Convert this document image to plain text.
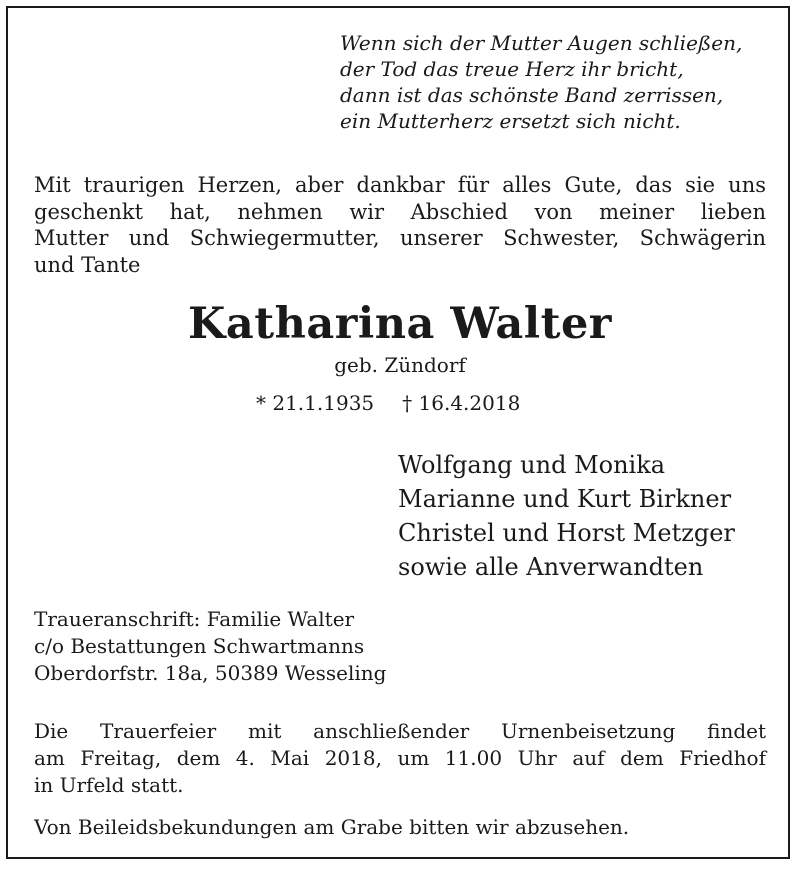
Wenn sich der Mutter Augen schließen,
der Tod das treue Herz ihr bricht,
dann ist das schönste Band zerrissen,
ein Mutterherz ersetzt sich nicht.
Mit traurigen Herzen, aber dankbar für alles Gute, das sie uns
geschenkt hat, nehmen wir Abschied von meiner lieben
Mutter und Schwiegermutter, unserer Schwester, Schwägerin
und Tante
Katharina Walter
geb. Zündorf
* 21.1.1935 † 16.4.2018
Wolfgang und Monika
Marianne und Kurt Birkner
Christel und Horst Metzger
sowie alle Anverwandten
Traueranschrift: Familie Walter
c/o Bestattungen Schwartmanns
Oberdorfstr. 18a, 50389 Wesseling
Die Trauerfeier mit anschließender Urnenbeisetzung findet
am Freitag, dem 4. Mai 2018, um 11.00 Uhr auf dem Friedhof
in Urfeld statt.
Von Beileidsbekundungen am Grabe bitten wir abzusehen.
